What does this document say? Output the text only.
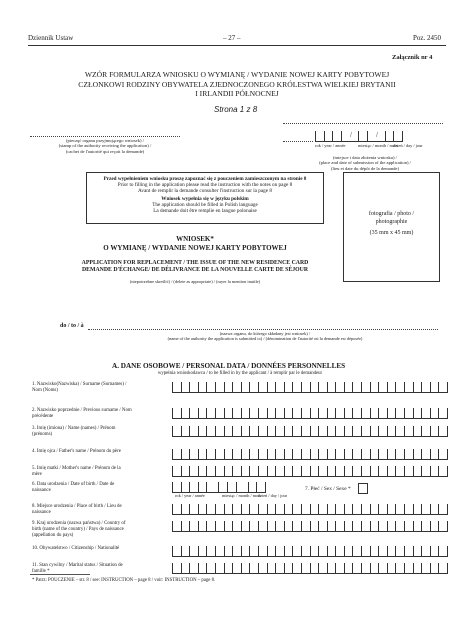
Dziennik Ustaw	– 27 –	Poz. 2450
Załącznik nr 4
WZÓR FORMULARZA WNIOSKU O WYMIANĘ / WYDANIE NOWEJ KARTY POBYTOWEJ
CZŁONKOWI RODZINY OBYWATELA ZJEDNOCZONEGO KRÓLESTWA WIELKIEJ BRYTANII
I IRLANDII PÓŁNOCNEJ
Strona 1 z 8
(pieczęć organu przyjmującego wniosek) /
(stamp of the authority receiving the application) /
(cachet de l'autorité qui reçoit la demande)
/	/
rok / year / année	miesiąc / month / mois
dzień / day / jour
(miejsce i data złożenia wniosku) /
(place and date of submission of the application) /
(lieu et date du dépôt de la demande)
Przed wypełnieniem wniosku proszę zapoznać się z pouczeniem zamieszczonym na stronie 8
Prior to filling in the application please read the instruction with the notes on page 8
Avant de remplir la demande consulter l'instruction sur la page 8
Wniosek wypełnia się w języku polskim
The application should be filled in Polish language
La demande doit être remplie en langue polonaise	fotografia / photo /
photographie
(35 mm x 45 mm)
WNIOSEK*
O WYMIANĘ / WYDANIE NOWEJ KARTY POBYTOWEJ
APPLICATION FOR REPLACEMENT / THE ISSUE OF THE NEW RESIDENCE CARD
DEMANDE D'ÉCHANGE/ DE DÉLIVRANCE DE LA NOUVELLE CARTE DE SÉJOUR
(niepotrzebne skreślić) / (delete as appropriate) / (rayer la mention inutile)
do / to / à
(nazwa organu, do którego składany jest wniosek) /
(name of the authority the application is submitted to) / (dénomination de l'autorité où la demande est déposée)
A. DANE OSOBOWE / PERSONAL DATA / DONNÉES PERSONNELLES
wypełnia wnioskodawca / to be filled in by the applicant / à remplir par le demandeur
1. Nazwisko(Nazwiska) / Surname (Surnames) /
Nom (Noms)
2. Nazwisko poprzednie / Previous surname / Nom
précédente
3. Imię (imiona) / Name (names) / Prénom
(prénoms)
4. Imię ojca / Father's name / Prénom du père
5. Imię matki / Mother's name / Prénom de la
mère
6. Data urodzenia / Date of birth / Date de
naissance
8. Miejsce urodzenia / Place of birth / Lieu de
naissance
9. Kraj urodzenia (nazwa państwa) / Country of
birth (name of the country) / Pays de naissance
(appellation du pays)
10. Obywatelstwo / Citizenship / Nationalité
11. Stan cywilny / Marital status / Situation de
famille *
rok / year / année	miesiąc / month / mois
dzień / day / jour
7. Płeć / Sex / Sexe *
* Patrz: POUCZENIE – str. 8 / see: INSTRUCTION – page 8 / voir: INSTRUCTION – page 8.
